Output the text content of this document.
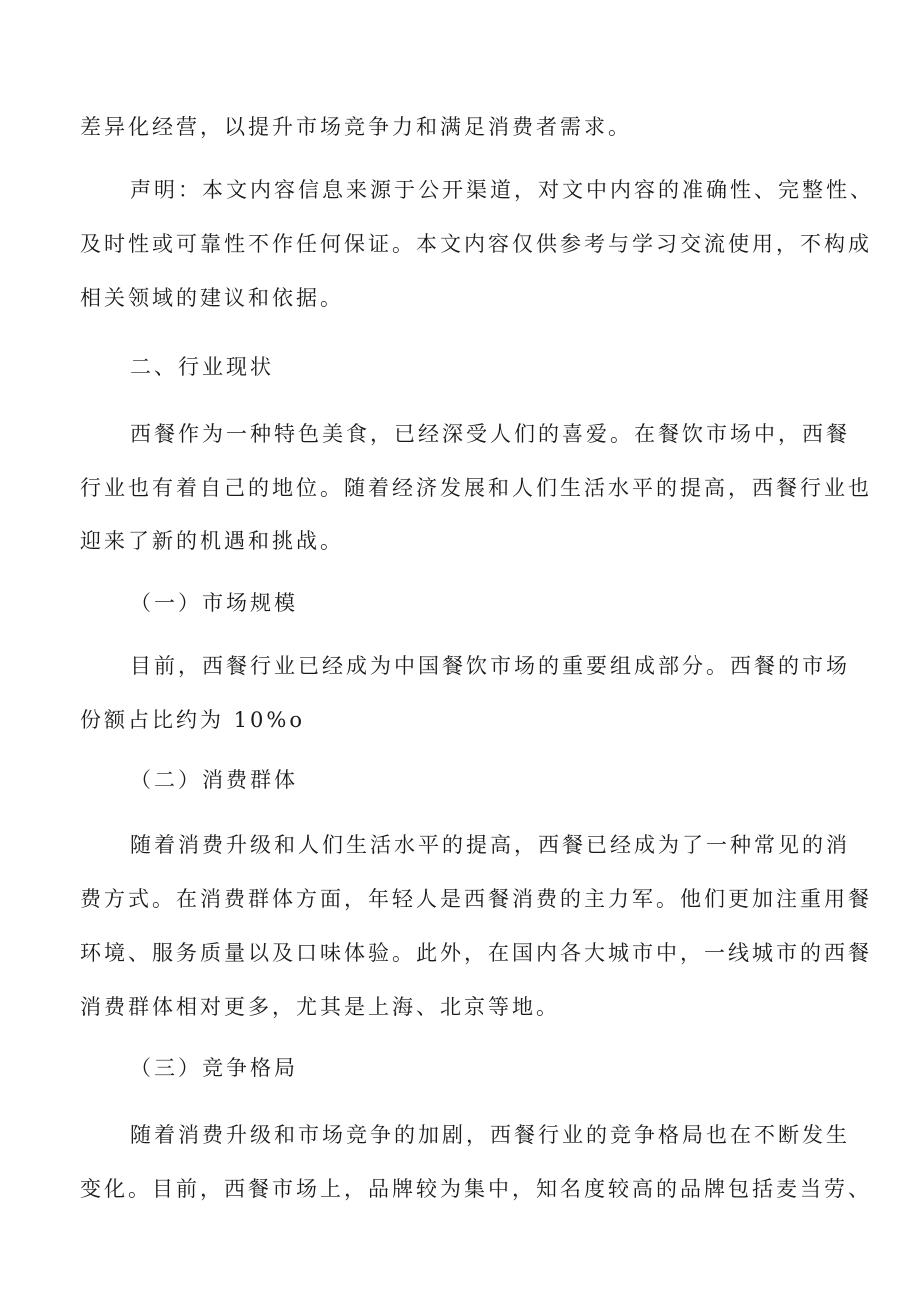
差异化经营，以提升市场竞争力和满足消费者需求。
声明：本文内容信息来源于公开渠道，对文中内容的准确性、完整性、
及时性或可靠性不作任何保证。本文内容仅供参考与学习交流使用，不构成
相关领域的建议和依据。
二、行业现状
西餐作为一种特色美食，已经深受人们的喜爱。在餐饮市场中，西餐
行业也有着自己的地位。随着经济发展和人们生活水平的提高，西餐行业也
迎来了新的机遇和挑战。
（一）市场规模
目前，西餐行业已经成为中国餐饮市场的重要组成部分。西餐的市场
份额占比约为 10%o
（二）消费群体
随着消费升级和人们生活水平的提高，西餐已经成为了一种常见的消
费方式。在消费群体方面，年轻人是西餐消费的主力军。他们更加注重用餐
环境、服务质量以及口味体验。此外，在国内各大城市中，一线城市的西餐
消费群体相对更多，尤其是上海、北京等地。
（三）竞争格局
随着消费升级和市场竞争的加剧，西餐行业的竞争格局也在不断发生
变化。目前，西餐市场上，品牌较为集中，知名度较高的品牌包括麦当劳、
